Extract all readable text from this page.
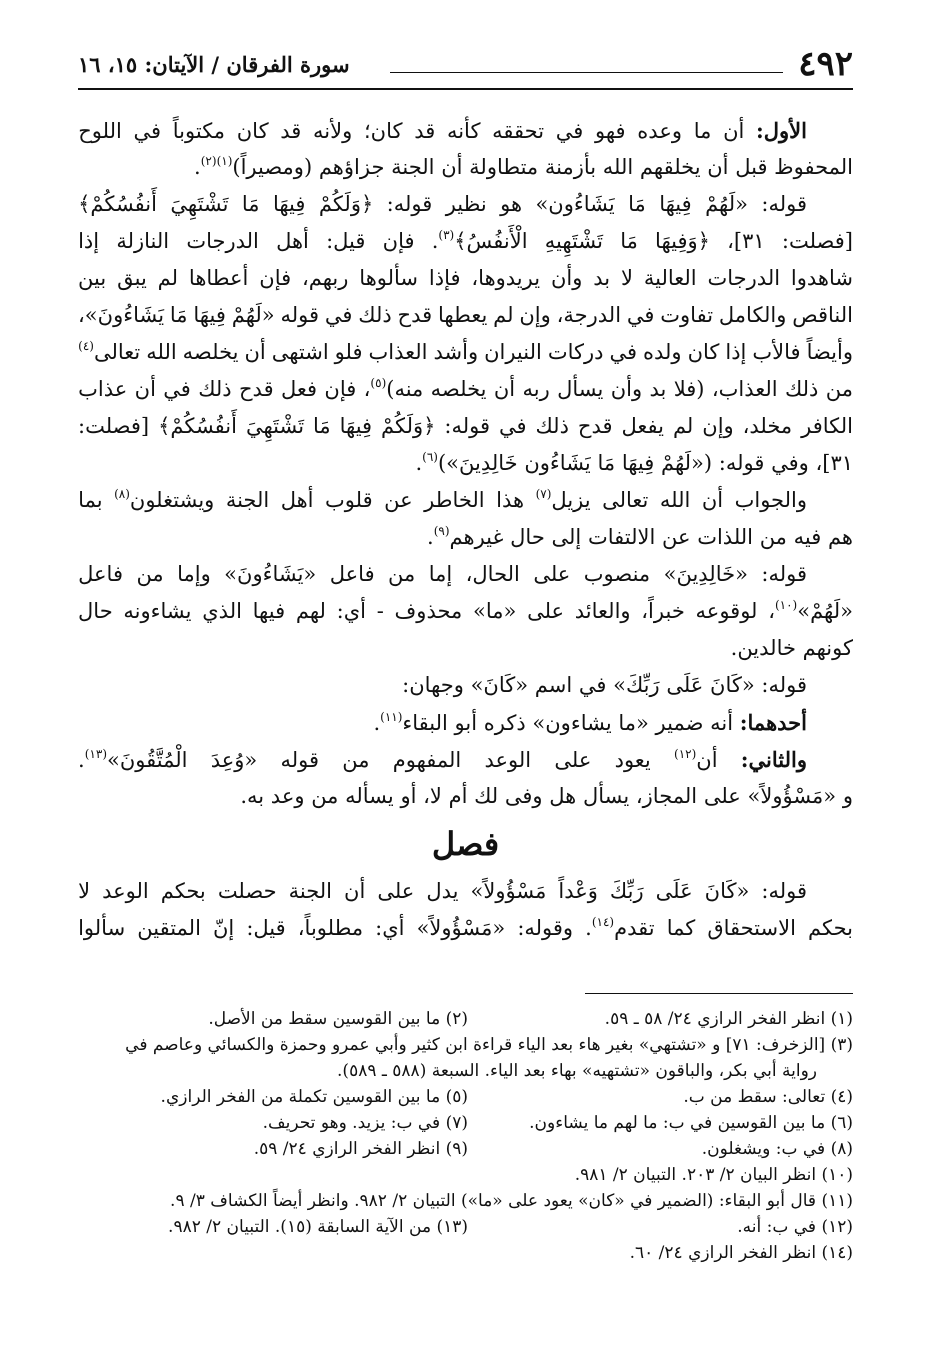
٤٩٢
سورة الفرقان / الآيتان: ١٥، ١٦
الأول:
أن
ما
وعده
فهو
في
تحققه
كأنه
قد
كان؛
ولأنه
قد
كان
مكتوباً
في
اللوح
المحفوظ

قبل

أن

يخلقهم

الله

بأزمنة

متطاولة

أن

الجنة

جزاؤهم

(ومصيراً)$^{(١)(٢)}$.
قوله:
«لَهُمْ
فِيهَا
مَا
يَشَاءُون»
هو
نظير
قوله:
﴿وَلَكُمْ
فِيهَا
مَا
تَشْتَهِيَ
أَنفُسُكُمْ﴾
[فصلت:
٣١]،
﴿وَفِيهَا
مَا
تَشْتَهِيهِ
الْأَنفُسُ﴾$^{(٣)}$.
فإن
قيل:
أهل
الدرجات
النازلة
إذا
شاهدوا
الدرجات
العالية
لا
بد
وأن
يريدوها،
فإذا
سألوها
ربهم،
فإن
أعطاها
لم
يبق
بين
الناقص
والكامل
تفاوت
في
الدرجة،
وإن
لم
يعطها
قدح
ذلك
في
قوله
«لَهُمْ
فِيهَا
مَا
يَشَاءُونَ»،
وأيضاً
فالأب
إذا
كان
ولده
في
دركات
النيران
وأشد
العذاب
فلو
اشتهى
أن
يخلصه
الله
تعالى$^{(٤)}$
من
ذلك
العذاب،
(فلا
بد
وأن
يسأل
ربه
أن
يخلصه
منه)$^{(٥)}$،
فإن
فعل
قدح
ذلك
في
أن
عذاب
الكافر
مخلد،
وإن
لم
يفعل
قدح
ذلك
في
قوله:
﴿وَلَكُمْ
فِيهَا
مَا
تَشْتَهِيَ
أَنفُسُكُمْ﴾
[فصلت:
٣١]،

وفي

قوله:

(«لَهُمْ

فِيهَا

مَا

يَشَاءُون

خَالِدِينَ»)$^{(٦)}$.
والجواب
أن
الله
تعالى
يزيل$^{(٧)}$
هذا
الخاطر
عن
قلوب
أهل
الجنة
ويشتغلون$^{(٨)}$
بما
هم

فيه

من

اللذات

عن

الالتفات

إلى

حال

غيرهم$^{(٩)}$.
قوله:
«خَالِدِينَ»
منصوب
على
الحال،
إما
من
فاعل
«يَشَاءُونَ»
وإما
من
فاعل
«لَهُمْ»$^{(١٠)}$،
لوقوعه
خبراً،
والعائد
على
«ما»
محذوف
-
أي:
لهم
فيها
الذي
يشاءونه
حال
كونهم

خالدين.
قوله:

«كَانَ

عَلَى

رَبِّكَ»

في

اسم

«كَانَ»

وجهان:
أحدهما:

أنه

ضمير

«ما

يشاءون»

ذكره

أبو

البقاء$^{(١١)}$.
والثاني:
أن$^{(١٢)}$
يعود
على
الوعد
المفهوم
من
قوله
«وُعِدَ
الْمُتَّقُونَ»$^{(١٣)}$.
و

«مَسْؤُولاً»

على

المجاز،

يسأل

هل

وفى

لك

أم

لا،

أو

يسأله

من

وعد

به.
فصل
قوله:
«كَانَ
عَلَى
رَبِّكَ
وَعْداً
مَسْؤُولاً»
يدل
على
أن
الجنة
حصلت
بحكم
الوعد
لا
بحكم
الاستحقاق
كما
تقدم$^{(١٤)}$.
وقوله:
«مَسْؤُولاً»
أي:
مطلوباً،
قيل:
إنّ
المتقين
سألوا
(١) انظر الفخر الرازي ٢٤/ ٥٨ ـ ٥٩.
(٢) ما بين القوسين سقط من الأصل.
(٣) [الزخرف: ٧١] و «تشتهي» بغير هاء بعد الياء قراءة ابن كثير وأبي عمرو وحمزة والكسائي وعاصم في
رواية أبي بكر، والباقون «تشتهيه» بهاء بعد الياء. السبعة (٥٨٨ ـ ٥٨٩).
(٤) تعالى: سقط من ب.
(٥) ما بين القوسين تكملة من الفخر الرازي.
(٦) ما بين القوسين في ب: ما لهم ما يشاءون.
(٧) في ب: يزيد. وهو تحريف.
(٨) في ب: ويشغلون.
(٩) انظر الفخر الرازي ٢٤/ ٥٩.
(١٠) انظر البيان ٢/ ٢٠٣. التبيان ٢/ ٩٨١.
(١١) قال أبو البقاء: (الضمير في «كان» يعود على «ما») التبيان ٢/ ٩٨٢. وانظر أيضاً الكشاف ٣/ ٩.
(١٢) في ب: أنه.
(١٣) من الآية السابقة (١٥). التبيان ٢/ ٩٨٢.
(١٤) انظر الفخر الرازي ٢٤/ ٦٠.
